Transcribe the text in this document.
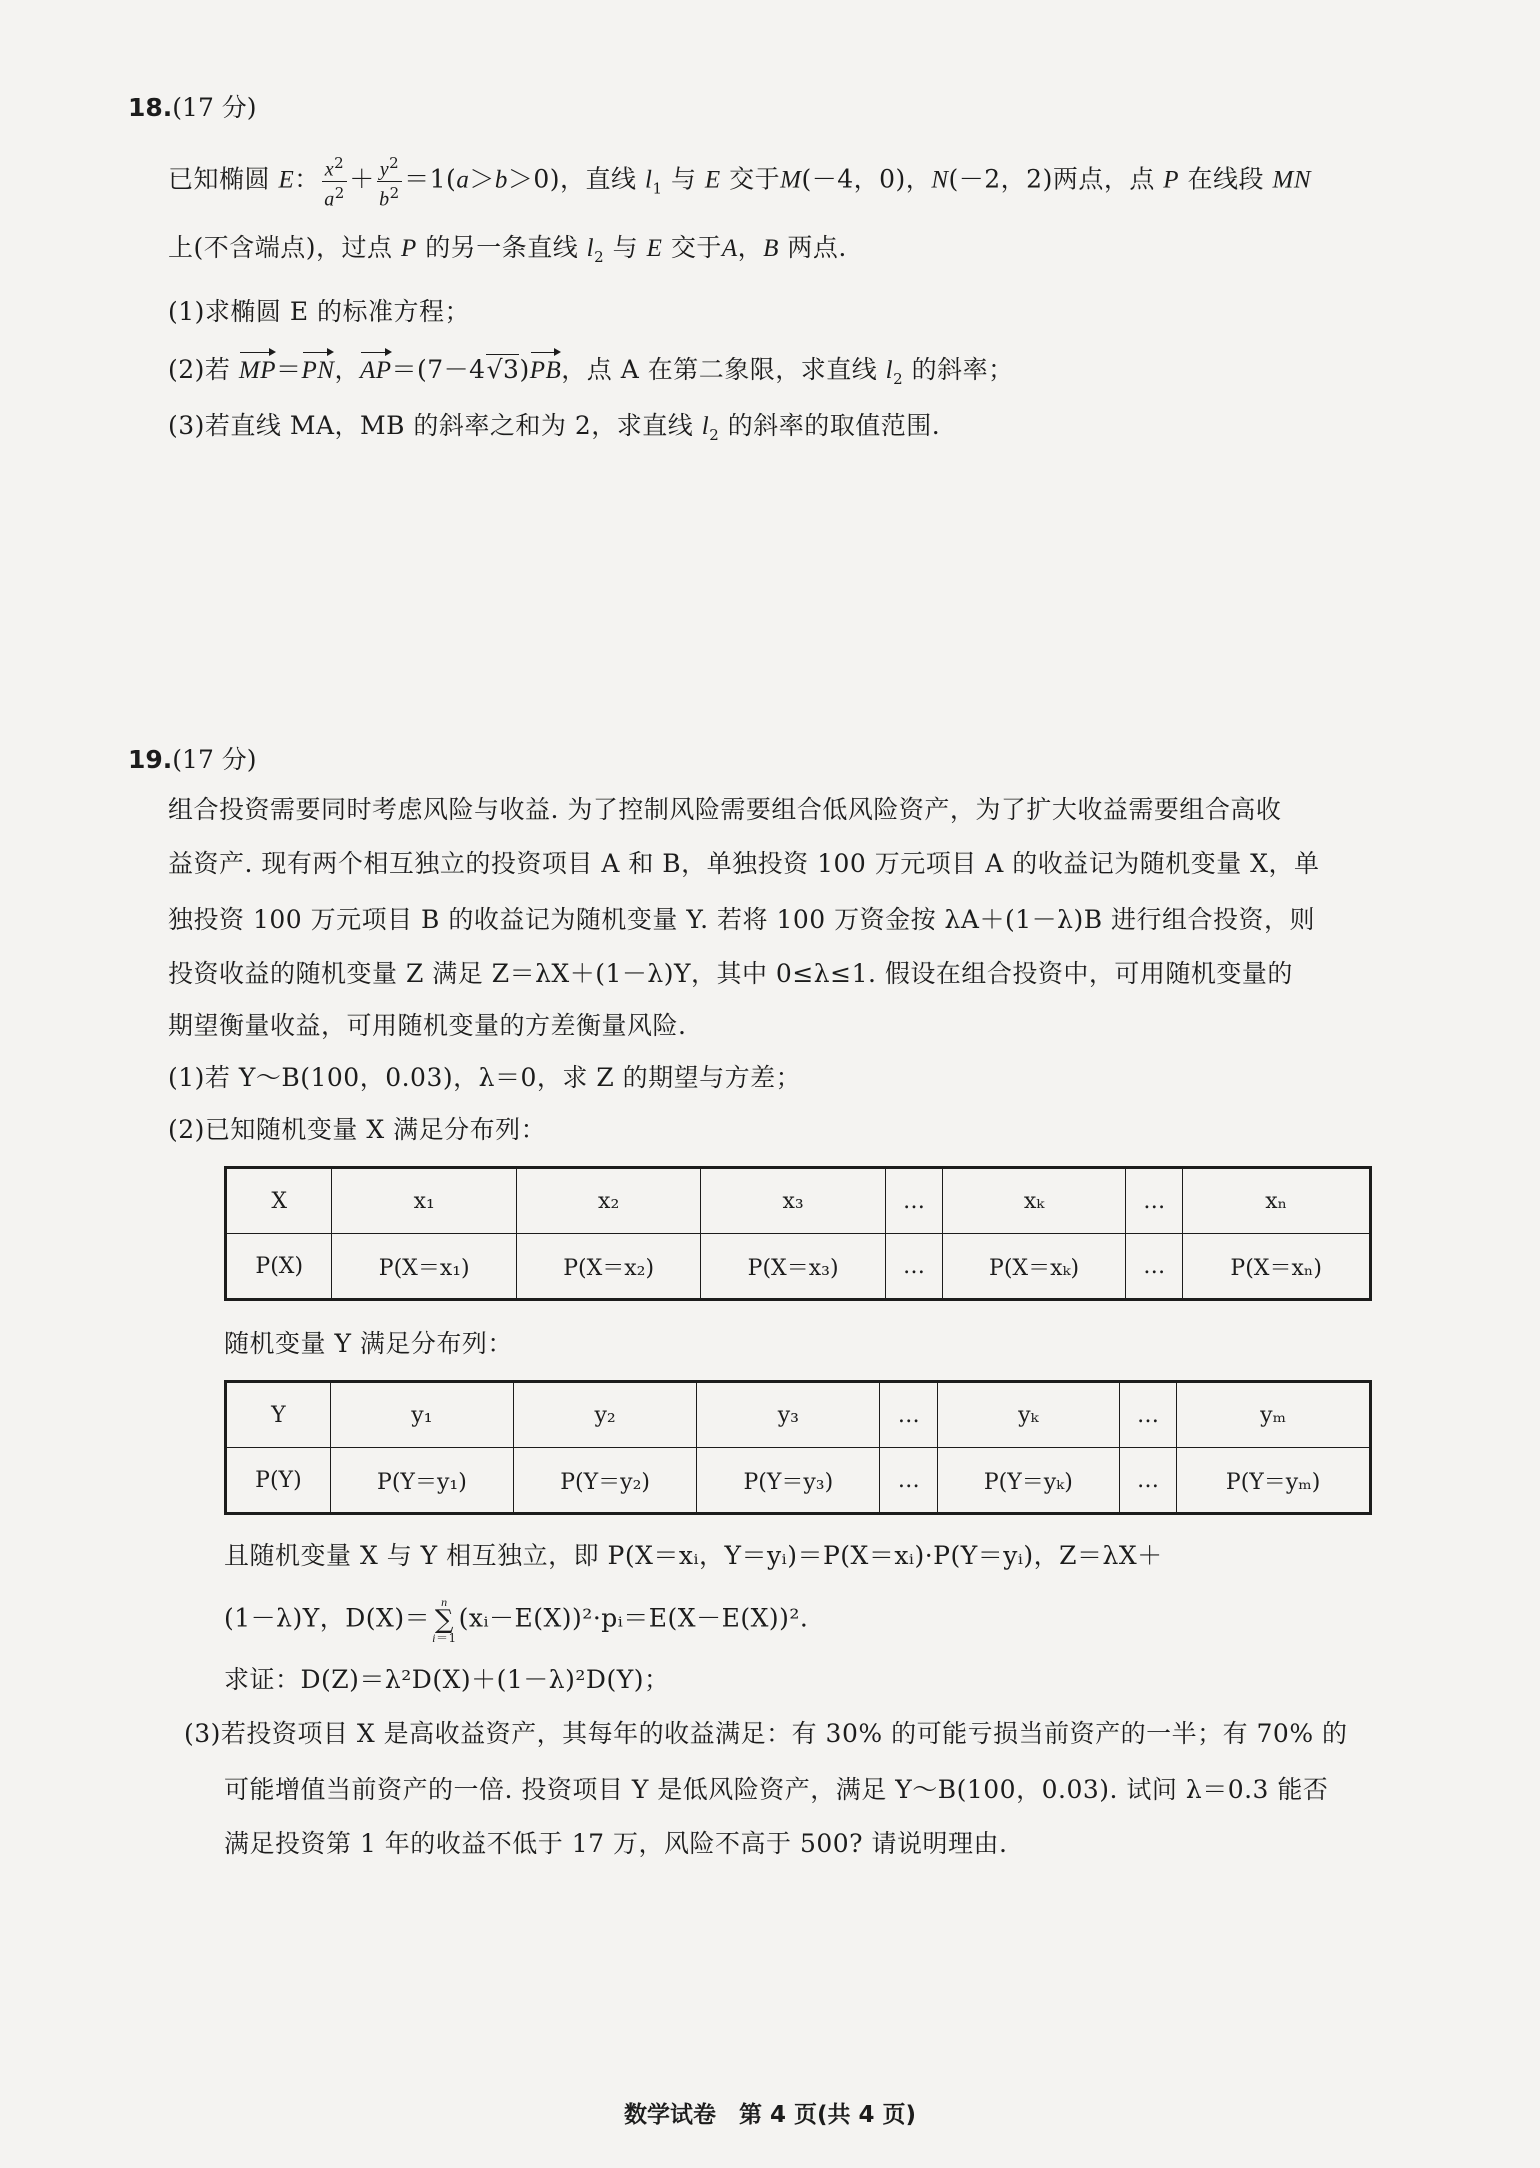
18.(17 分)
已知椭圆 E： $\frac{x^2}{a^2} + \frac{y^2}{b^2} =1(a>b>0)$，直线 $l_1$ 与 E 交于M(－4，0)，N(－2，2)两点，点 P 在线段 MN
上(不含端点)，过点 P 的另一条直线 $l_2$ 与 E 交于A，B 两点.
(1)求椭圆 E 的标准方程；
(2)若 MP＝PN，AP＝(7－4√3)PB，点 A 在第二象限，求直线 $l_2$ 的斜率；
(3)若直线 MA，MB 的斜率之和为 2，求直线 $l_2$ 的斜率的取值范围.
19.(17 分)
组合投资需要同时考虑风险与收益. 为了控制风险需要组合低风险资产，为了扩大收益需要组合高收
益资产. 现有两个相互独立的投资项目 A 和 B，单独投资 100 万元项目 A 的收益记为随机变量 X，单
独投资 100 万元项目 B 的收益记为随机变量 Y. 若将 100 万资金按 λA＋(1－λ)B 进行组合投资，则
投资收益的随机变量 Z 满足 Z＝λX＋(1－λ)Y，其中 0≤λ≤1. 假设在组合投资中，可用随机变量的
期望衡量收益，可用随机变量的方差衡量风险.
(1)若 Y～B(100，0.03)，λ＝0，求 Z 的期望与方差；
(2)已知随机变量 X 满足分布列：
X	x₁	x₂	x₃	…	xₖ	…	xₙ
P(X)	P(X＝x₁)	P(X＝x₂)	P(X＝x₃)	…	P(X＝xₖ)	…	P(X＝xₙ)
随机变量 Y 满足分布列：
Y	y₁	y₂	y₃	…	yₖ	…	yₘ
P(Y)	P(Y＝y₁)	P(Y＝y₂)	P(Y＝y₃)	…	P(Y＝yₖ)	…	P(Y＝yₘ)
且随机变量 X 与 Y 相互独立，即 P(X＝xᵢ，Y＝yᵢ)＝P(X＝xᵢ)·P(Y＝yᵢ)，Z＝λX＋
(1－λ)Y，D(X)＝n
∑
i＝1(xᵢ－E(X))²·pᵢ＝E(X－E(X))².
求证：D(Z)＝λ²D(X)＋(1－λ)²D(Y)；
(3)若投资项目 X 是高收益资产，其每年的收益满足：有 30% 的可能亏损当前资产的一半；有 70% 的
可能增值当前资产的一倍. 投资项目 Y 是低风险资产，满足 Y～B(100，0.03). 试问 λ＝0.3 能否
满足投资第 1 年的收益不低于 17 万，风险不高于 500? 请说明理由.
数学试卷　第 4 页(共 4 页)
